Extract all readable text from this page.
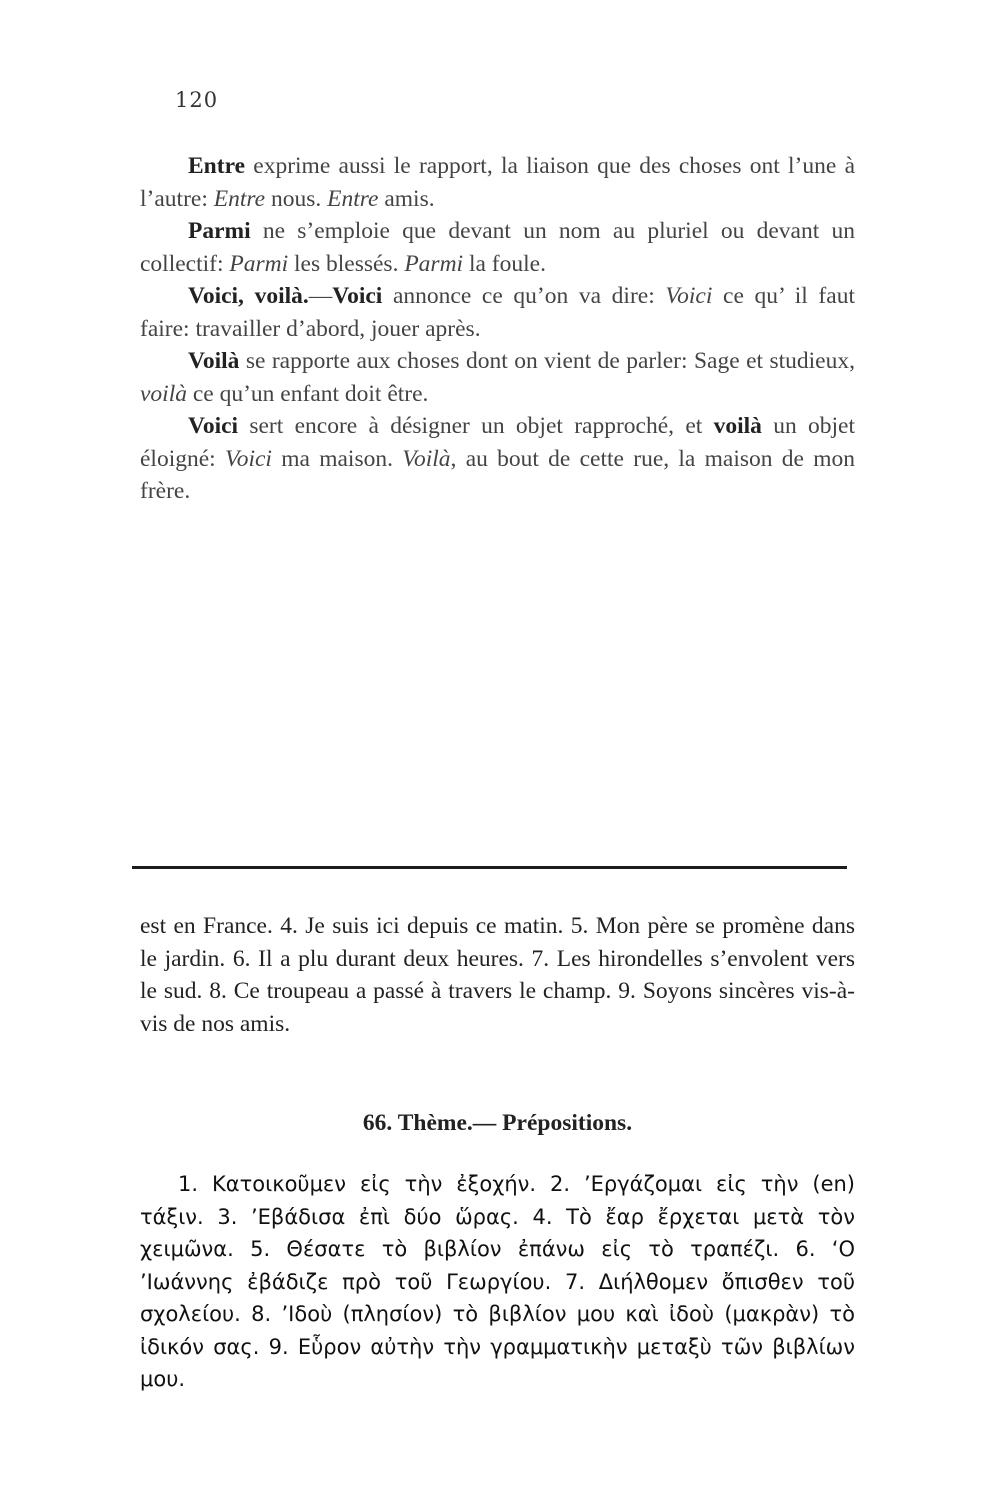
120

Entre exprime aussi le rapport, la liaison que des choses ont l’une à l’autre: Entre nous. Entre amis.

Parmi ne s’emploie que devant un nom au pluriel ou devant un collectif: Parmi les blessés. Parmi la foule.

Voici, voilà.—Voici annonce ce qu’on va dire: Voici ce qu’ il faut faire: travailler d’abord, jouer après.

Voilà se rapporte aux choses dont on vient de parler: Sage et studieux, voilà ce qu’un enfant doit être.

Voici sert encore à désigner un objet rapproché, et voilà un objet éloigné: Voici ma maison. Voilà, au bout de cette rue, la maison de mon frère.

est en France. 4. Je suis ici depuis ce matin. 5. Mon père se promène dans le jardin. 6. Il a plu durant deux heures. 7. Les hirondelles s’envolent vers le sud. 8. Ce troupeau a passé à travers le champ. 9. Soyons sincères vis-à-vis de nos amis.

66. Thème.— Prépositions.

1. Κατοικοῦμεν εἰς τὴν ἐξοχήν. 2. ’Εργάζομαι εἰς τὴν (en) τάξιν. 3. ’Εβάδισα ἐπὶ δύο ὥρας. 4. Τὸ ἔαρ ἔρχεται μετὰ τὸν χειμῶνα. 5. Θέσατε τὸ βιβλίον ἐπάνω εἰς τὸ τραπέζι. 6. ‘Ο ’Ιωάννης ἐβάδιζε πρὸ τοῦ Γεωργίου. 7. Διήλθομεν ὄπισθεν τοῦ σχολείου. 8. ’Ιδοὺ (πλησίον) τὸ βιβλίον μου καὶ ἰδοὺ (μακρὰν) τὸ ἰδικόν σας. 9. Εὗρον αὐτὴν τὴν γραμματικὴν μεταξὺ τῶν βιβλίων μου.
